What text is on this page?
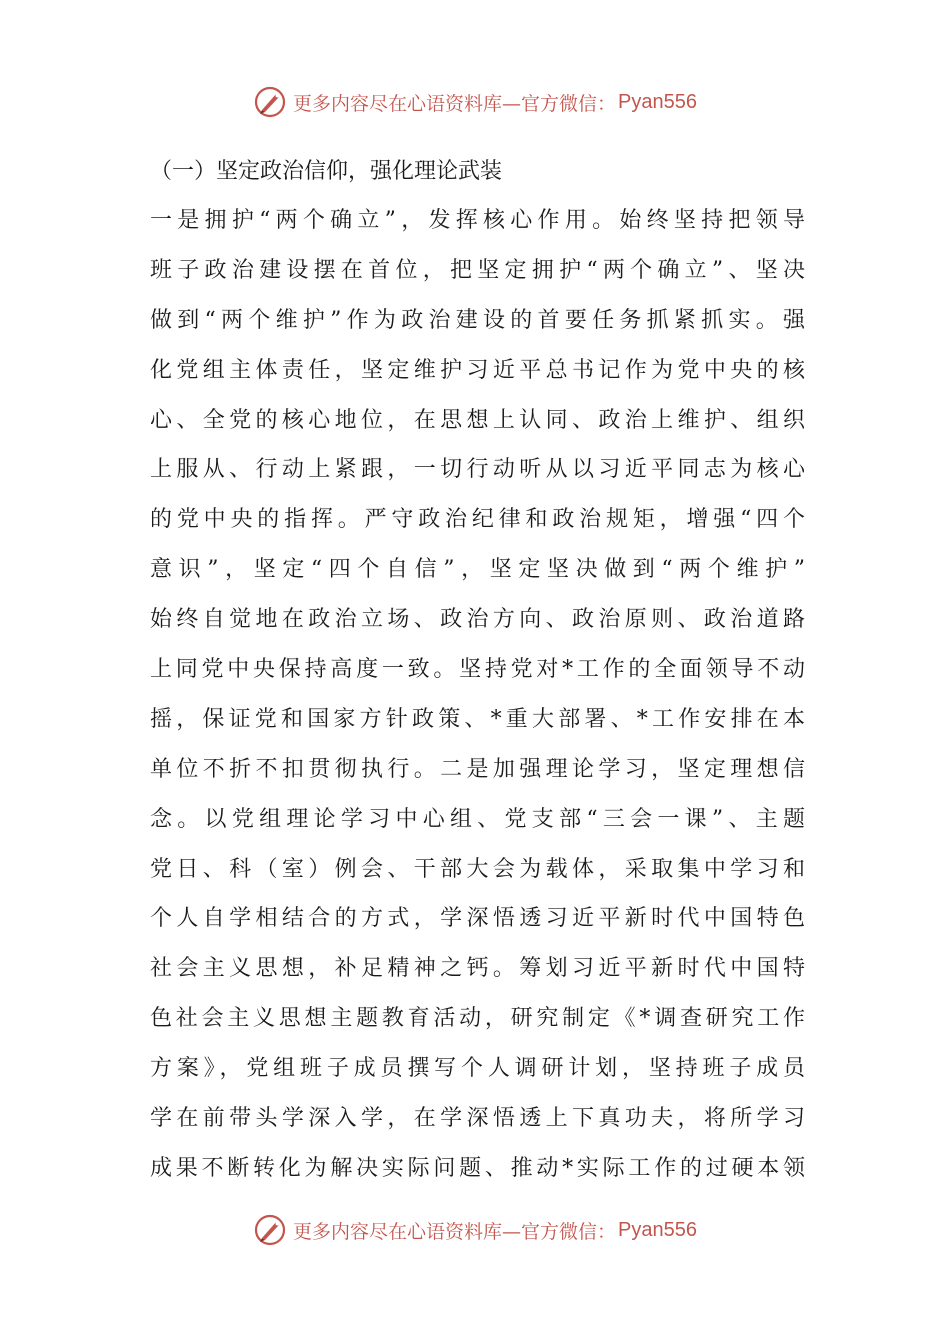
更多内容尽在心语资料库—官方微信： Pyan556
（一）坚定政治信仰，强化理论武装
一是拥护“两个确立”，发挥核心作用。始终坚持把领导
班子政治建设摆在首位，把坚定拥护“两个确立”、坚决
做到“两个维护”作为政治建设的首要任务抓紧抓实。强
化党组主体责任，坚定维护习近平总书记作为党中央的核
心、全党的核心地位，在思想上认同、政治上维护、组织
上服从、行动上紧跟，一切行动听从以习近平同志为核心
的党中央的指挥。严守政治纪律和政治规矩，增强“四个
意识”，坚定“四个自信”，坚定坚决做到“两个维护”
始终自觉地在政治立场、政治方向、政治原则、政治道路
上同党中央保持高度一致。坚持党对*工作的全面领导不动
摇，保证党和国家方针政策、*重大部署、*工作安排在本
单位不折不扣贯彻执行。二是加强理论学习，坚定理想信
念。以党组理论学习中心组、党支部“三会一课”、主题
党日、科（室）例会、干部大会为载体，采取集中学习和
个人自学相结合的方式，学深悟透习近平新时代中国特色
社会主义思想，补足精神之钙。筹划习近平新时代中国特
色社会主义思想主题教育活动，研究制定《*调查研究工作
方案》，党组班子成员撰写个人调研计划，坚持班子成员
学在前带头学深入学，在学深悟透上下真功夫，将所学习
成果不断转化为解决实际问题、推动*实际工作的过硬本领
更多内容尽在心语资料库—官方微信： Pyan556
